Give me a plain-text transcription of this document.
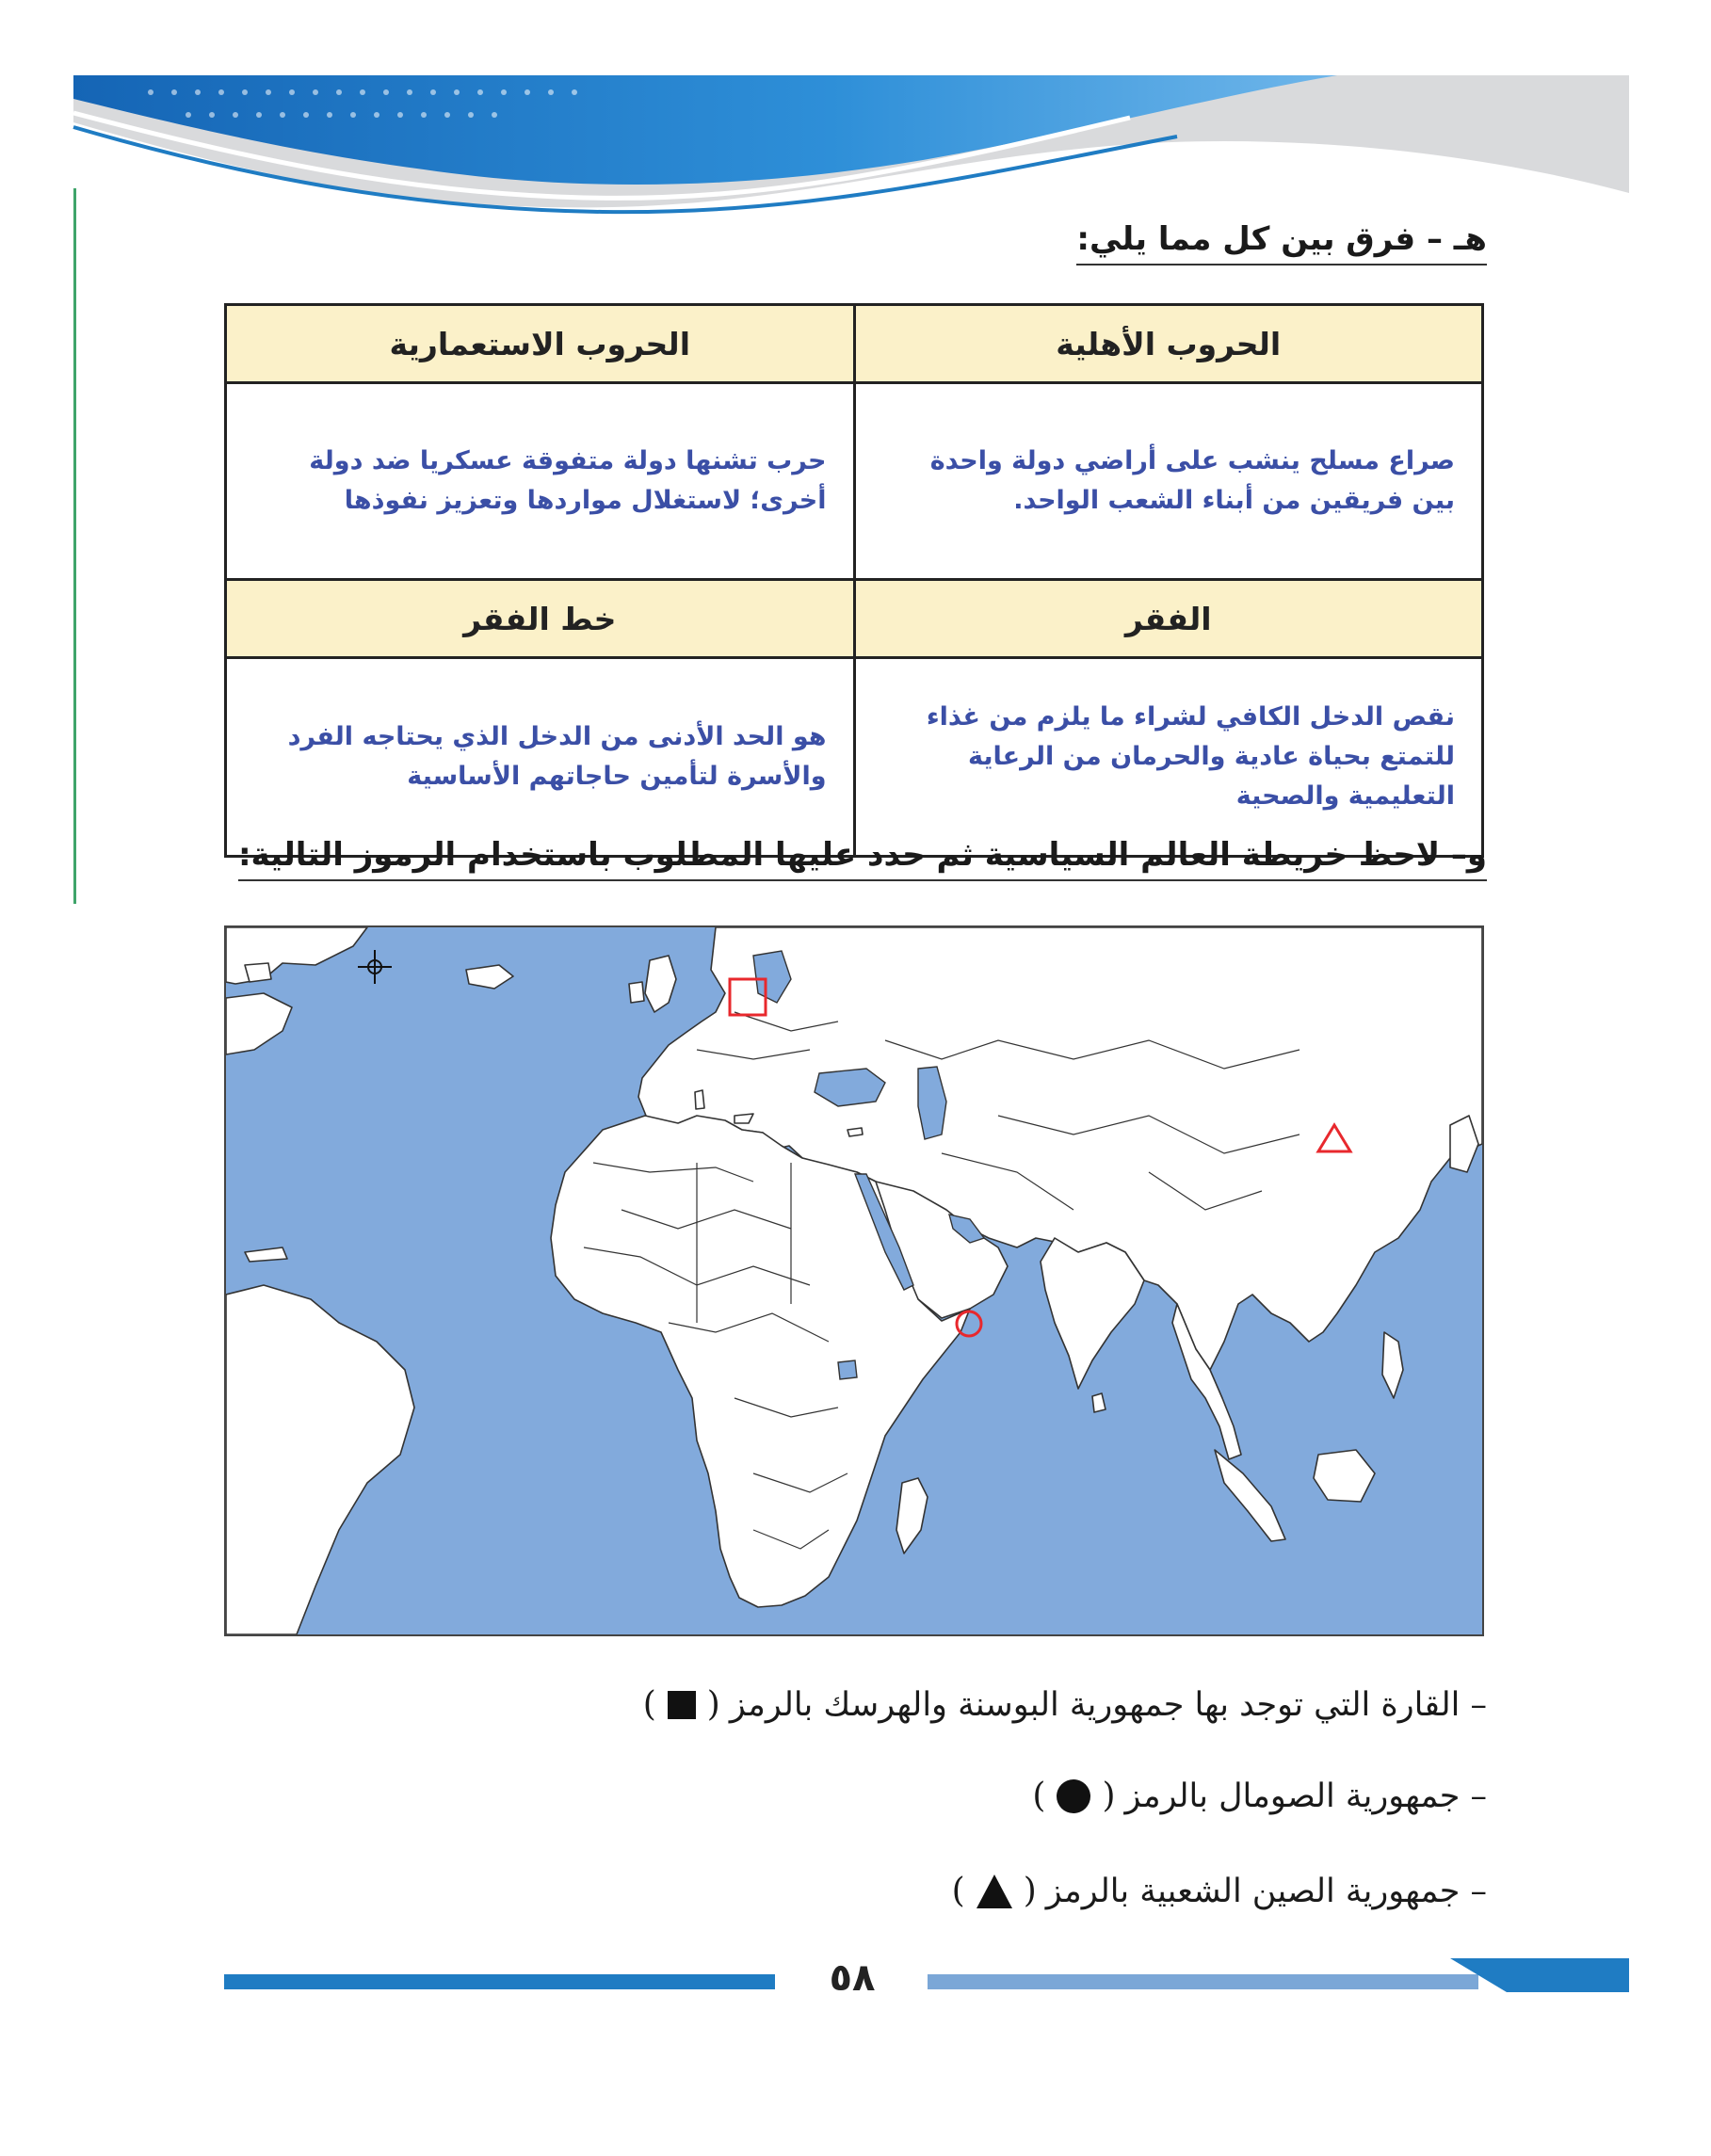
هـ – فرق بين كل مما يلي:
الحروب الأهلية	الحروب الاستعمارية
صراع مسلح ينشب على أراضي دولة واحدة بين فريقين من أبناء الشعب الواحد.	حرب تشنها دولة متفوقة عسكريا ضد دولة أخرى؛ لاستغلال مواردها وتعزيز نفوذها
الفقر	خط الفقر
نقص الدخل الكافي لشراء ما يلزم من غذاء للتمتع بحياة عادية والحرمان من الرعاية التعليمية والصحية	هو الحد الأدنى من الدخل الذي يحتاجه الفرد والأسرة لتأمين حاجاتهم الأساسية
و– لاحظ خريطة العالم السياسية ثم حدد عليها المطلوب باستخدام الرموز التالية:
– القارة التي توجد بها جمهورية البوسنة والهرسك بالرمز
(
)
– جمهورية الصومال بالرمز
(
)
– جمهورية الصين الشعبية بالرمز
(
)
٥٨
